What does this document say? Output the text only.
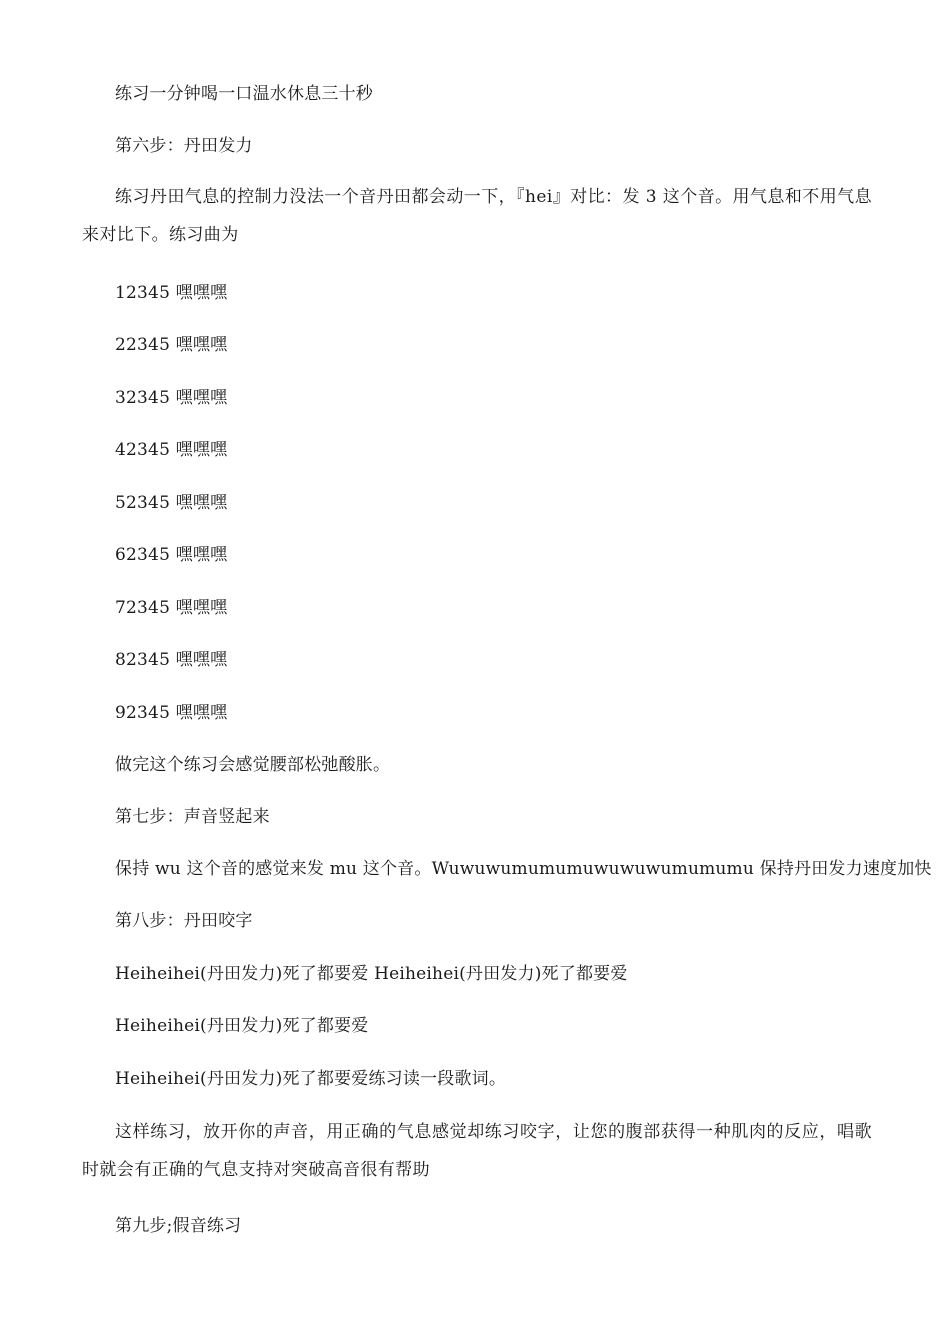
练习一分钟喝一口温水休息三十秒
第六步：丹田发力
练习丹田气息的控制力没法一个音丹田都会动一下，『hei』对比：发 3 这个音。用气息和不用气息来对比下。练习曲为
12345 嘿嘿嘿
22345 嘿嘿嘿
32345 嘿嘿嘿
42345 嘿嘿嘿
52345 嘿嘿嘿
62345 嘿嘿嘿
72345 嘿嘿嘿
82345 嘿嘿嘿
92345 嘿嘿嘿
做完这个练习会感觉腰部松弛酸胀。
第七步：声音竖起来
保持 wu 这个音的感觉来发 mu 这个音。Wuwuwumumumuwuwuwumumumu 保持丹田发力速度加快
第八步：丹田咬字
Heiheihei(丹田发力)死了都要爱 Heiheihei(丹田发力)死了都要爱
Heiheihei(丹田发力)死了都要爱
Heiheihei(丹田发力)死了都要爱练习读一段歌词。
这样练习，放开你的声音，用正确的气息感觉却练习咬字，让您的腹部获得一种肌肉的反应，唱歌时就会有正确的气息支持对突破高音很有帮助
第九步;假音练习
